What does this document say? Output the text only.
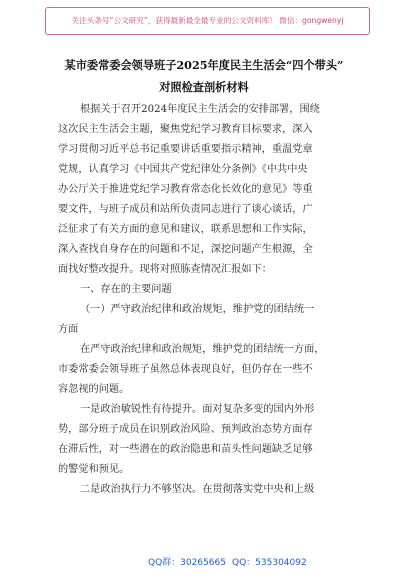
关注头条号“公文研究”，获得最新最全最专业的公文资料库！ 微信：gongwenyj
某市委常委会领导班子2025年度民主生活会“四个带头”
对照检查剖析材料
根据关于召开2024年度民主生活会的安排部署，围绕
这次民主生活会主题，聚焦党纪学习教育目标要求，深入
学习贯彻习近平总书记重要讲话重要指示精神，重温党章
党规，认真学习《中国共产党纪律处分条例》《中共中央
办公厅关于推进党纪学习教育常态化长效化的意见》等重
要文件，与班子成员和站所负责同志进行了谈心谈话，广
泛征求了有关方面的意见和建议，联系思想和工作实际，
深入查找自身存在的问题和不足，深挖问题产生根源，全
面找好整改提升。现将对照胨查情况汇报如下：
一、存在的主要问题
（一）严守政治纪律和政治规矩，维护党的团结统一
方面
在严守政治纪律和政治规矩，维护党的团结统一方面，
市委常委会领导班子虽然总体表现良好，但仍存在一些不
容忽视的问题。
一是政治敏锐性有待提升。面对复杂多变的国内外形
势，部分班子成员在识别政治风险、预判政治态势方面存
在滞后性，对一些潜在的政治隐患和苗头性问题缺乏足够
的警觉和预见。
二是政治执行力不够坚决。在贯彻落实党中央和上级
QQ群：30265665 QQ：535304092
